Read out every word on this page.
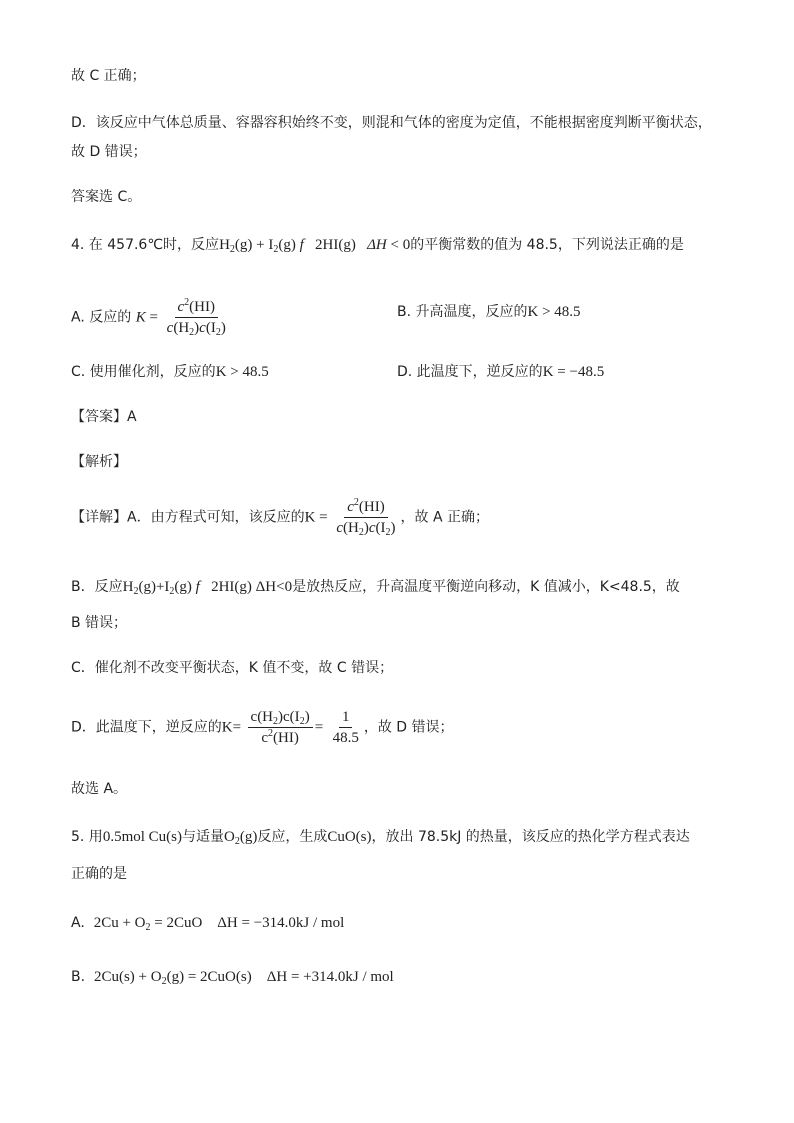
故 C 正确；
D．该反应中气体总质量、容器容积始终不变，则混和气体的密度为定值，不能根据密度判断平衡状态，
故 D 错误；
答案选 C。
4. 在 457.6℃时，反应$H_2(g) + I_2(g)$ f   2HI(g)   ΔH < 0的平衡常数的值为 48.5，下列说法正确的是
A. 反应的 $K = \frac{c^2(HI)}{c(H_2)c(I_2)}$	B. 升高温度，反应的K > 48.5
C. 使用催化剂，反应的K > 48.5	D. 此温度下，逆反应的K = −48.5
【答案】A
【解析】
【详解】A．由方程式可知，该反应的$K = \frac{c^2(HI)}{c(H_2)c(I_2)}$ ，故 A 正确；
B．反应$H_2(g)+I_2(g)$ f   2HI(g) ΔH<0是放热反应，升高温度平衡逆向移动，K 值减小，K<48.5，故
B 错误；
C．催化剂不改变平衡状态，K 值不变，故 C 错误；
D．此温度下，逆反应的$K= \frac{c(H_2)c(I_2)}{c^2(HI)} = \frac{1}{48.5}$ ，故 D 错误；
故选 A。
5. 用0.5mol Cu(s)与适量$O_2(g)$反应，生成CuO(s)，放出 78.5kJ 的热量，该反应的热化学方程式表达
正确的是
A. $2Cu + O_2 = 2CuO$    ΔH = −314.0kJ / mol
B. $2Cu(s) + O_2(g) = 2CuO(s)$    ΔH = +314.0kJ / mol
